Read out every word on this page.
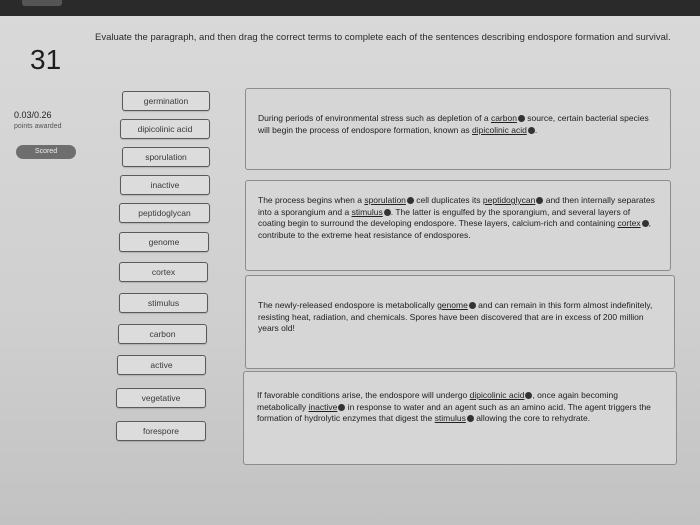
31
Evaluate the paragraph, and then drag the correct terms to complete each of the sentences describing endospore formation and survival.
0.03/0.26
points awarded
Scored
germination
dipicolinic acid
sporulation
inactive
peptidoglycan
genome
cortex
stimulus
carbon
active
vegetative
forespore

During periods of environmental stress such as depletion of a carbon source, certain bacterial species will begin the process of endospore formation, known as dipicolinic acid .

The process begins when a sporulation cell duplicates its peptidoglycan and then internally separates into a sporangium and a stimulus . The latter is engulfed by the sporangium, and several layers of coating begin to surround the developing endospore. These layers, calcium-rich and containing cortex , contribute to the extreme heat resistance of endospores.

The newly-released endospore is metabolically genome and can remain in this form almost indefinitely, resisting heat, radiation, and chemicals. Spores have been discovered that are in excess of 200 million years old!

If favorable conditions arise, the endospore will undergo dipicolinic acid , once again becoming metabolically inactive in response to water and an agent such as an amino acid. The agent triggers the formation of hydrolytic enzymes that digest the stimulus allowing the core to rehydrate.
